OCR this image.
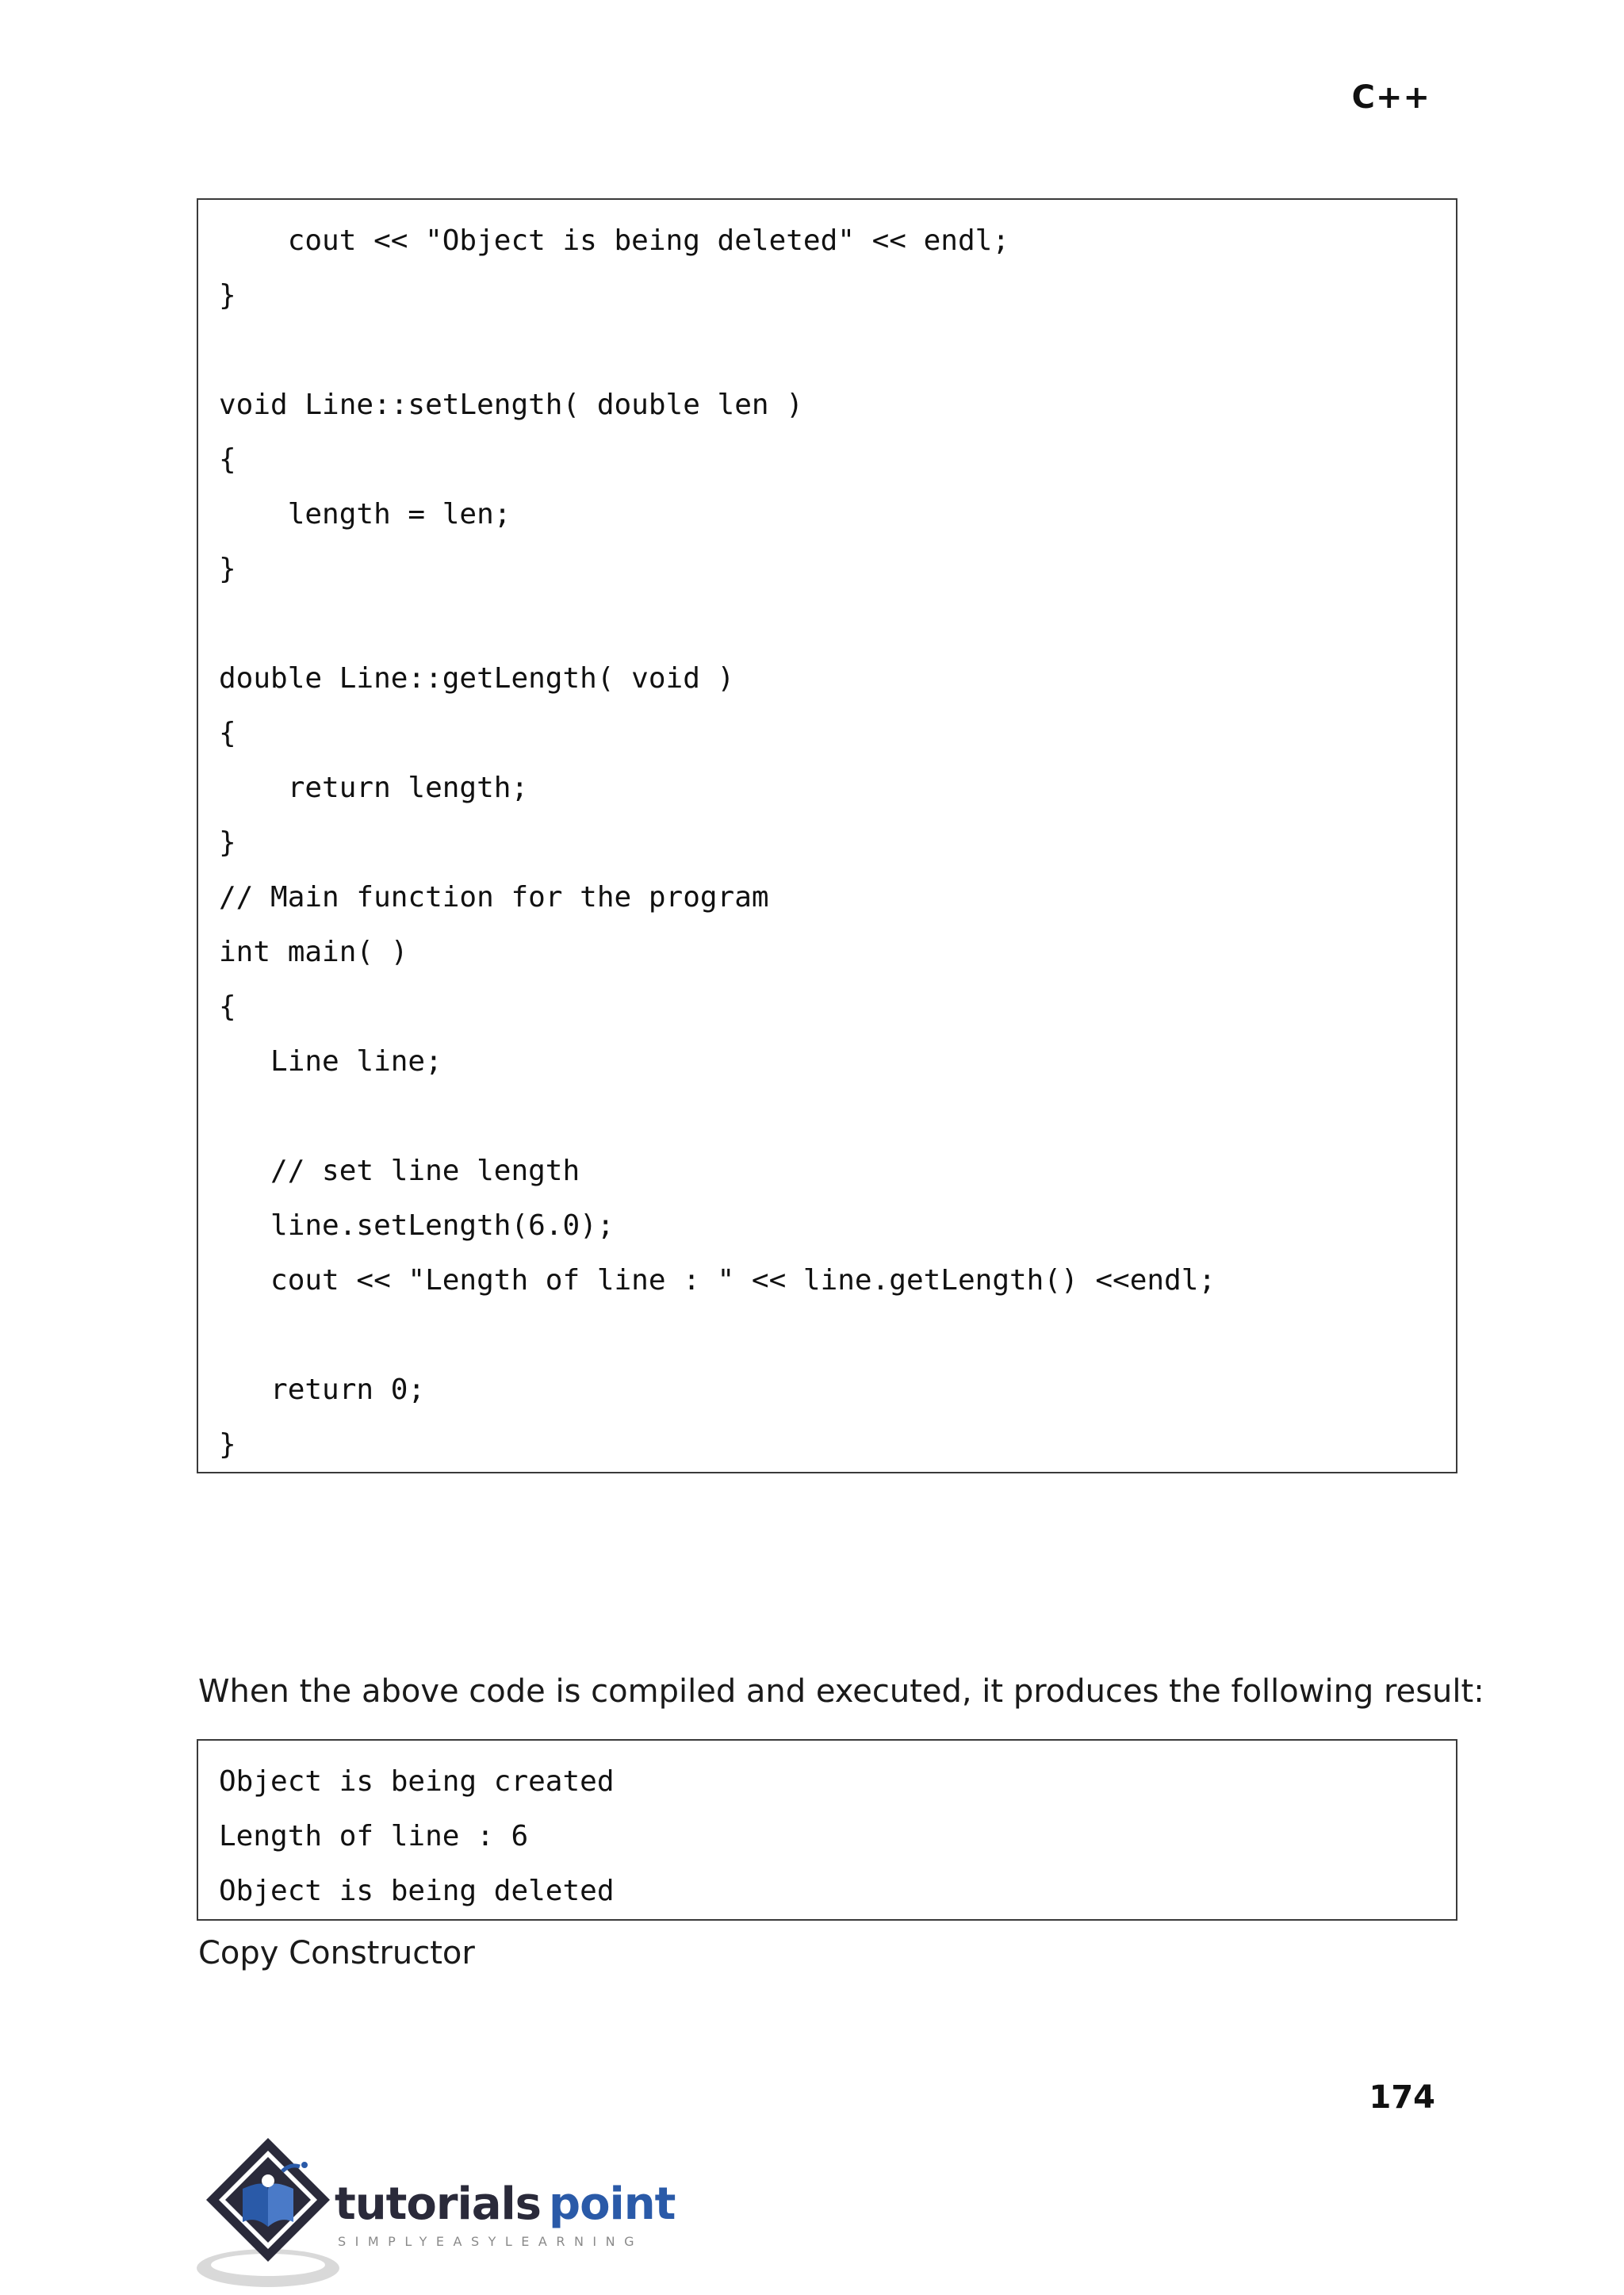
C++
cout << "Object is being deleted" << endl;
}
void Line::setLength( double len )
{
length = len;
}
double Line::getLength( void )
{
return length;
}
// Main function for the program
int main( )
{
Line line;
// set line length
line.setLength(6.0);
cout << "Length of line : " << line.getLength() <<endl;
return 0;
}
When the above code is compiled and executed, it produces the following result:
Object is being created
Length of line : 6
Object is being deleted
Copy Constructor
174
tutorials point
SIMPLYEASYLEARNING
